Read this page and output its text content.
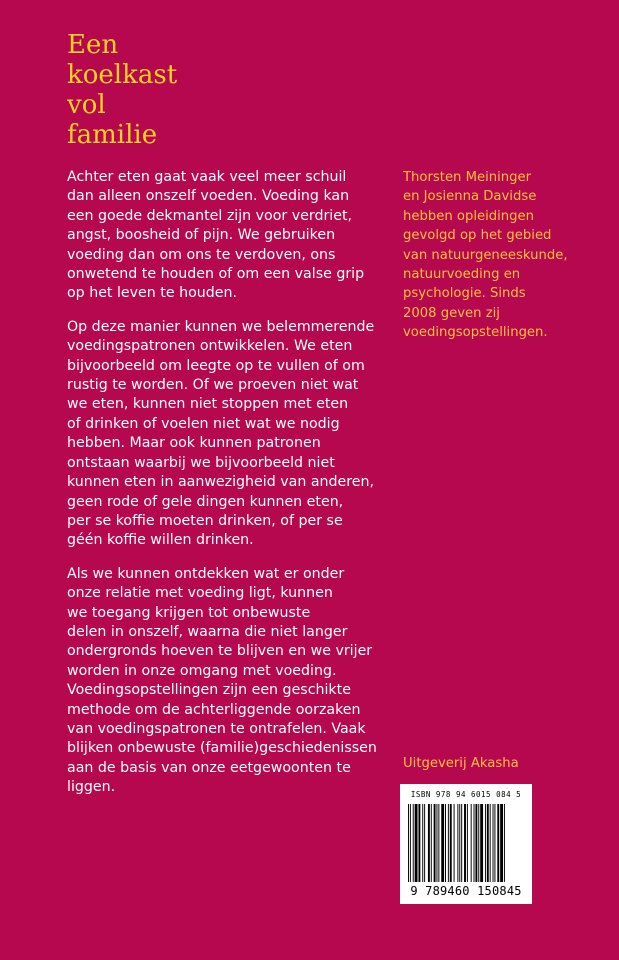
Een
koelkast
vol
familie

Achter eten gaat vaak veel meer schuil
dan alleen onszelf voeden. Voeding kan
een goede dekmantel zijn voor verdriet,
angst, boosheid of pijn. We gebruiken
voeding dan om ons te verdoven, ons
onwetend te houden of om een valse grip
op het leven te houden.

Op deze manier kunnen we belemmerende
voedingspatronen ontwikkelen. We eten
bijvoorbeeld om leegte op te vullen of om
rustig te worden. Of we proeven niet wat
we eten, kunnen niet stoppen met eten
of drinken of voelen niet wat we nodig
hebben. Maar ook kunnen patronen
ontstaan waarbij we bijvoorbeeld niet
kunnen eten in aanwezigheid van anderen,
geen rode of gele dingen kunnen eten,
per se koffie moeten drinken, of per se
géén koffie willen drinken.

Als we kunnen ontdekken wat er onder
onze relatie met voeding ligt, kunnen
we toegang krijgen tot onbewuste
delen in onszelf, waarna die niet langer
ondergronds hoeven te blijven en we vrijer
worden in onze omgang met voeding.
Voedingsopstellingen zijn een geschikte
methode om de achterliggende oorzaken
van voedingspatronen te ontrafelen. Vaak
blijken onbewuste (familie)geschiedenissen
aan de basis van onze eetgewoonten te
liggen.

Thorsten Meininger
en Josienna Davidse
hebben opleidingen
gevolgd op het gebied
van natuurgeneeskunde,
natuurvoeding en
psychologie. Sinds
2008 geven zij
voedingsopstellingen.
Uitgeverij Akasha
ISBN 978 94 6015 084 5
9 789460 150845
